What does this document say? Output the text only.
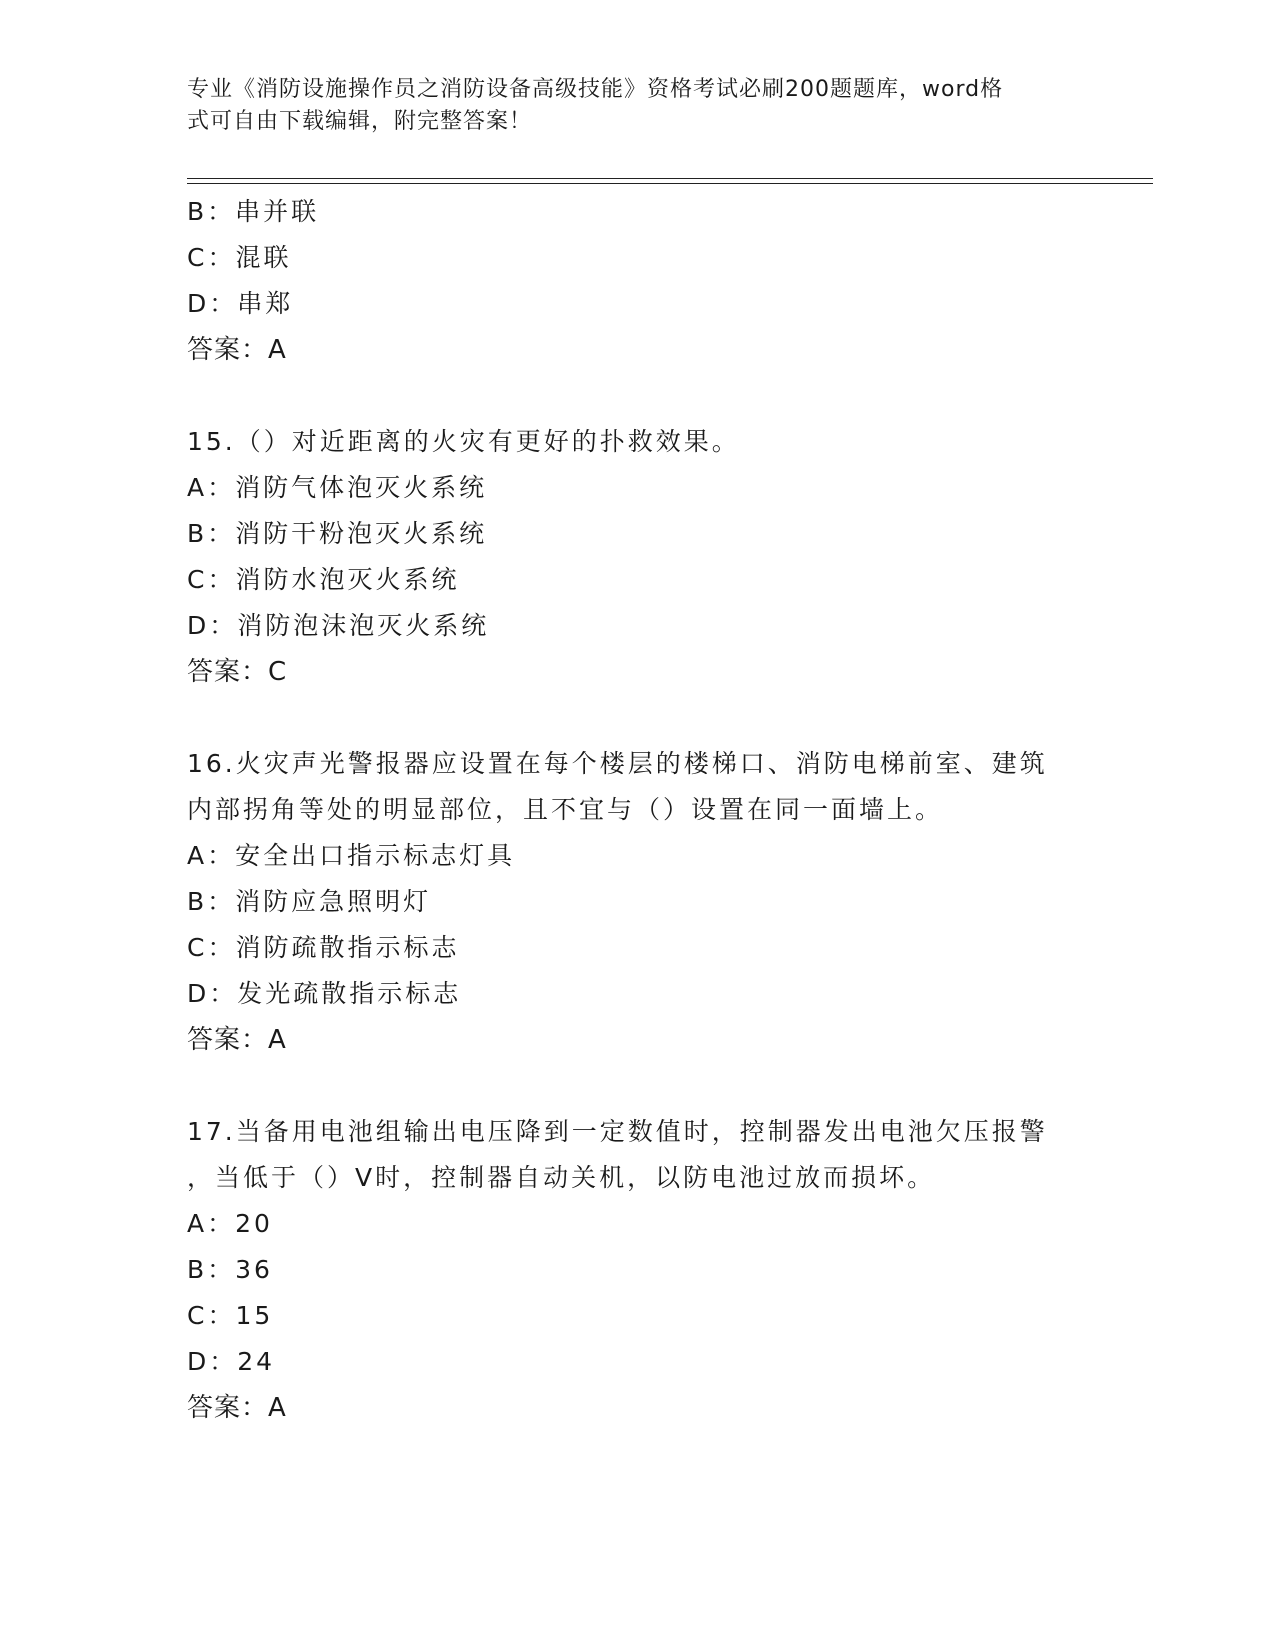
专业《消防设施操作员之消防设备高级技能》资格考试必刷200题题库，word格
式可自由下载编辑，附完整答案！
B：串并联
C：混联
D：串郑
答案：A
15.（）对近距离的火灾有更好的扑救效果。
A：消防气体泡灭火系统
B：消防干粉泡灭火系统
C：消防水泡灭火系统
D：消防泡沫泡灭火系统
答案：C
16.火灾声光警报器应设置在每个楼层的楼梯口、消防电梯前室、建筑
内部拐角等处的明显部位，且不宜与（）设置在同一面墙上。
A：安全出口指示标志灯具
B：消防应急照明灯
C：消防疏散指示标志
D：发光疏散指示标志
答案：A
17.当备用电池组输出电压降到一定数值时，控制器发出电池欠压报警
，当低于（）V时，控制器自动关机，以防电池过放而损坏。
A：20
B：36
C：15
D：24
答案：A
